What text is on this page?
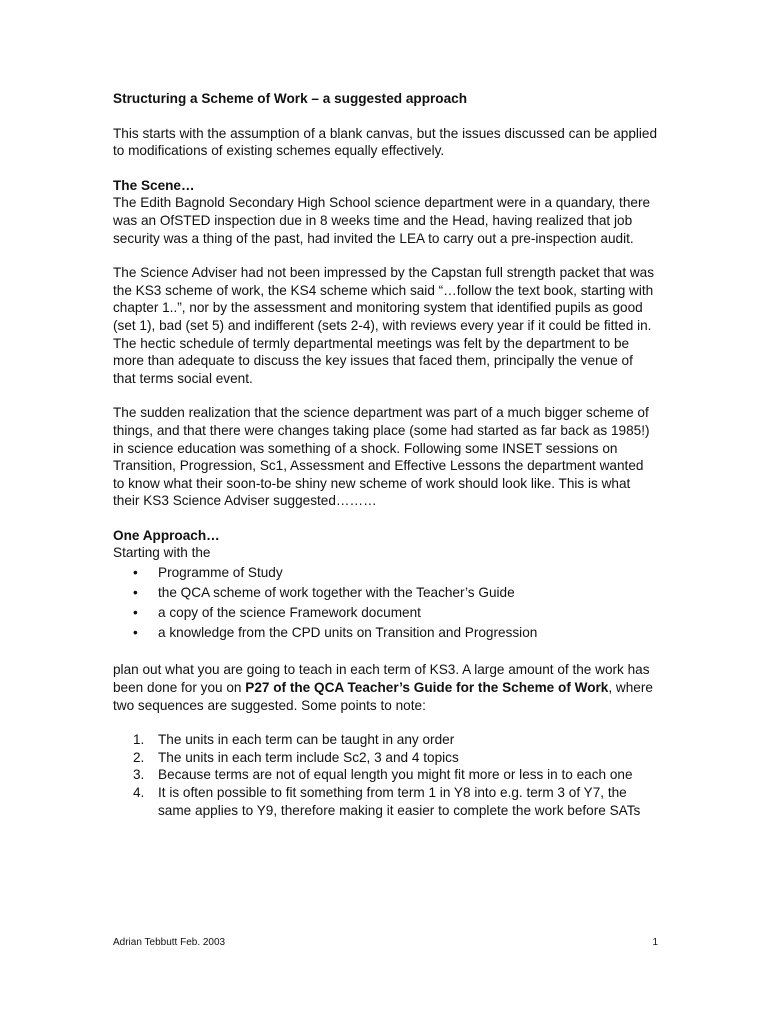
Structuring a Scheme of Work – a suggested approach

This starts with the assumption of a blank canvas, but the issues discussed can be applied to modifications of existing schemes equally effectively.

The Scene…

The Edith Bagnold Secondary High School science department were in a quandary, there was an OfSTED inspection due in 8 weeks time and the Head, having realized that job security was a thing of the past, had invited the LEA to carry out a pre-inspection audit.

The Science Adviser had not been impressed by the Capstan full strength packet that was the KS3 scheme of work, the KS4 scheme which said “…follow the text book, starting with chapter 1..”, nor by the assessment and monitoring system that identified pupils as good (set 1), bad (set 5) and indifferent (sets 2-4), with reviews every year if it could be fitted in. The hectic schedule of termly departmental meetings was felt by the department to be more than adequate to discuss the key issues that faced them, principally the venue of that terms social event.

The sudden realization that the science department was part of a much bigger scheme of things, and that there were changes taking place (some had started as far back as 1985!) in science education was something of a shock. Following some INSET sessions on Transition, Progression, Sc1, Assessment and Effective Lessons the department wanted to know what their soon-to-be shiny new scheme of work should look like. This is what their KS3 Science Adviser suggested………

One Approach…

Starting with the

• Programme of Study
• the QCA scheme of work together with the Teacher’s Guide
• a copy of the science Framework document
• a knowledge from the CPD units on Transition and Progression

plan out what you are going to teach in each term of KS3. A large amount of the work has been done for you on P27 of the QCA Teacher’s Guide for the Scheme of Work, where two sequences are suggested. Some points to note:

1. The units in each term can be taught in any order
2. The units in each term include Sc2, 3 and 4 topics
3. Because terms are not of equal length you might fit more or less in to each one
4. It is often possible to fit something from term 1 in Y8 into e.g. term 3 of Y7, the same applies to Y9, therefore making it easier to complete the work before SATs
Adrian Tebbutt Feb. 2003	1
